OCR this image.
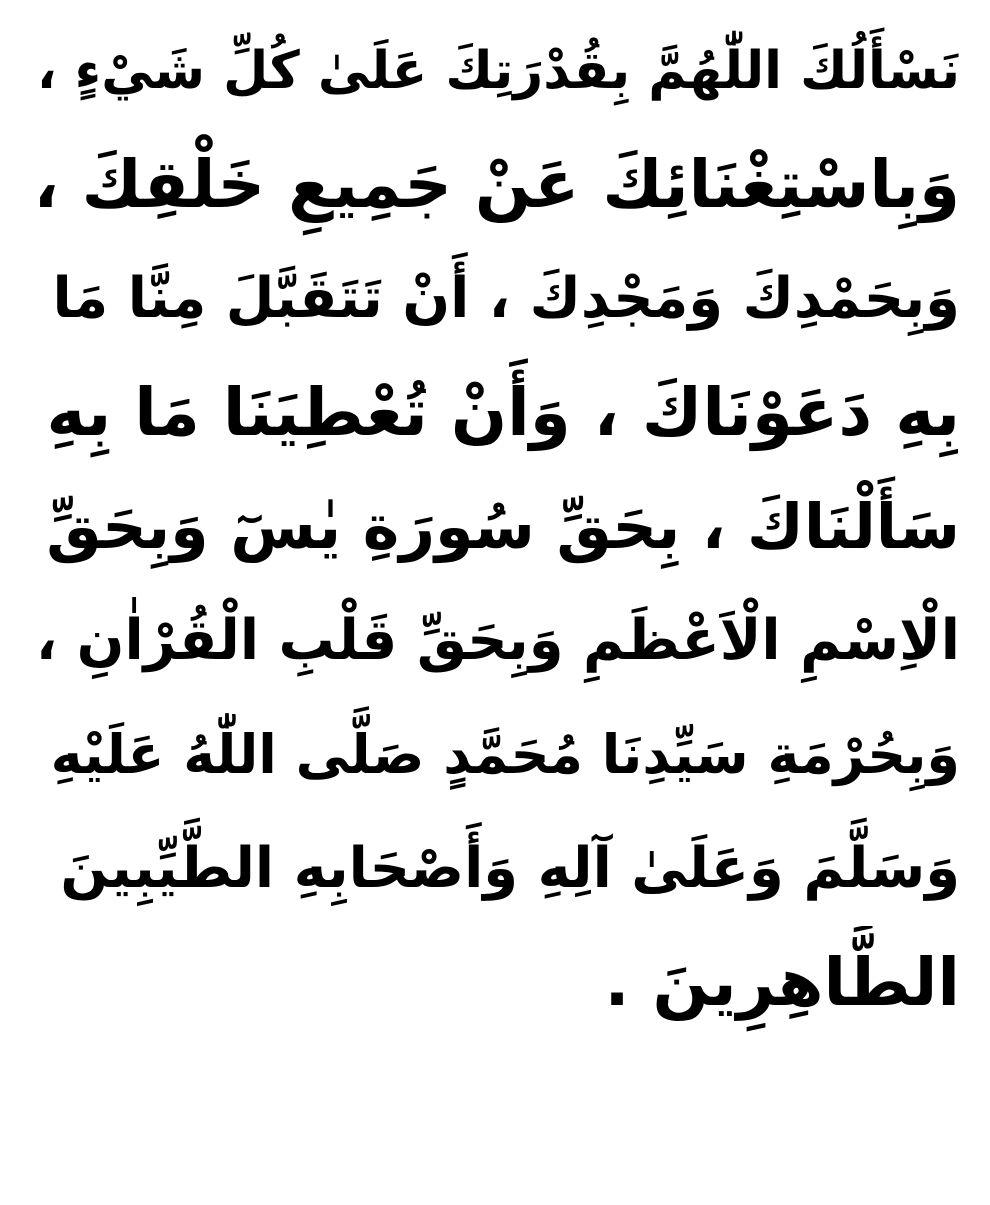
نَسْأَلُكَ اللّٰهُمَّ بِقُدْرَتِكَ عَلَىٰ كُلِّ شَيْءٍ ،
وَبِاسْتِغْنَائِكَ عَنْ جَمِيعِ خَلْقِكَ ،
وَبِحَمْدِكَ وَمَجْدِكَ ، أَنْ تَتَقَبَّلَ مِنَّا مَا
بِهِ دَعَوْنَاكَ ، وَأَنْ تُعْطِيَنَا مَا بِهِ
سَأَلْنَاكَ ، بِحَقِّ سُورَةِ يٰسٓ وَبِحَقِّ
الْاِسْمِ الْاَعْظَمِ وَبِحَقِّ قَلْبِ الْقُرْاٰنِ ،
وَبِحُرْمَةِ سَيِّدِنَا مُحَمَّدٍ صَلَّى اللّٰهُ عَلَيْهِ
وَسَلَّمَ وَعَلَىٰ آلِهِ وَأَصْحَابِهِ الطَّيِّبِينَ
الطَّاهِرِينَ .
